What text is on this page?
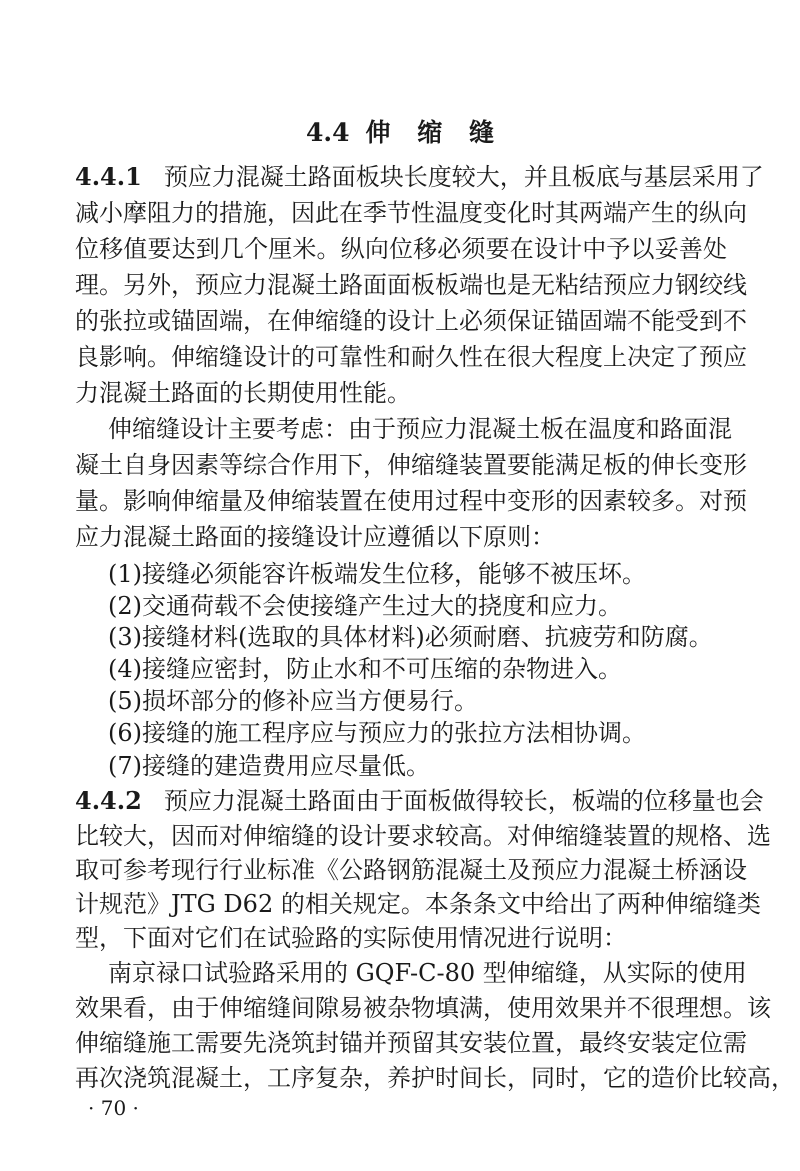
4.4 伸 缩 缝
4.4.1 预应力混凝土路面板块长度较大，并且板底与基层采用了
减小摩阻力的措施，因此在季节性温度变化时其两端产生的纵向
位移值要达到几个厘米。纵向位移必须要在设计中予以妥善处
理。另外，预应力混凝土路面面板板端也是无粘结预应力钢绞线
的张拉或锚固端，在伸缩缝的设计上必须保证锚固端不能受到不
良影响。伸缩缝设计的可靠性和耐久性在很大程度上决定了预应
力混凝土路面的长期使用性能。
伸缩缝设计主要考虑：由于预应力混凝土板在温度和路面混
凝土自身因素等综合作用下，伸缩缝装置要能满足板的伸长变形
量。影响伸缩量及伸缩装置在使用过程中变形的因素较多。对预
应力混凝土路面的接缝设计应遵循以下原则：
(1)接缝必须能容许板端发生位移，能够不被压坏。
(2)交通荷载不会使接缝产生过大的挠度和应力。
(3)接缝材料(选取的具体材料)必须耐磨、抗疲劳和防腐。
(4)接缝应密封，防止水和不可压缩的杂物进入。
(5)损坏部分的修补应当方便易行。
(6)接缝的施工程序应与预应力的张拉方法相协调。
(7)接缝的建造费用应尽量低。
4.4.2 预应力混凝土路面由于面板做得较长，板端的位移量也会
比较大，因而对伸缩缝的设计要求较高。对伸缩缝装置的规格、选
取可参考现行行业标准《公路钢筋混凝土及预应力混凝土桥涵设
计规范》JTG D62 的相关规定。本条条文中给出了两种伸缩缝类
型，下面对它们在试验路的实际使用情况进行说明：
南京禄口试验路采用的 GQF-C-80 型伸缩缝，从实际的使用
效果看，由于伸缩缝间隙易被杂物填满，使用效果并不很理想。该
伸缩缝施工需要先浇筑封锚并预留其安装位置，最终安装定位需
再次浇筑混凝土，工序复杂，养护时间长，同时，它的造价比较高，
· 70 ·
